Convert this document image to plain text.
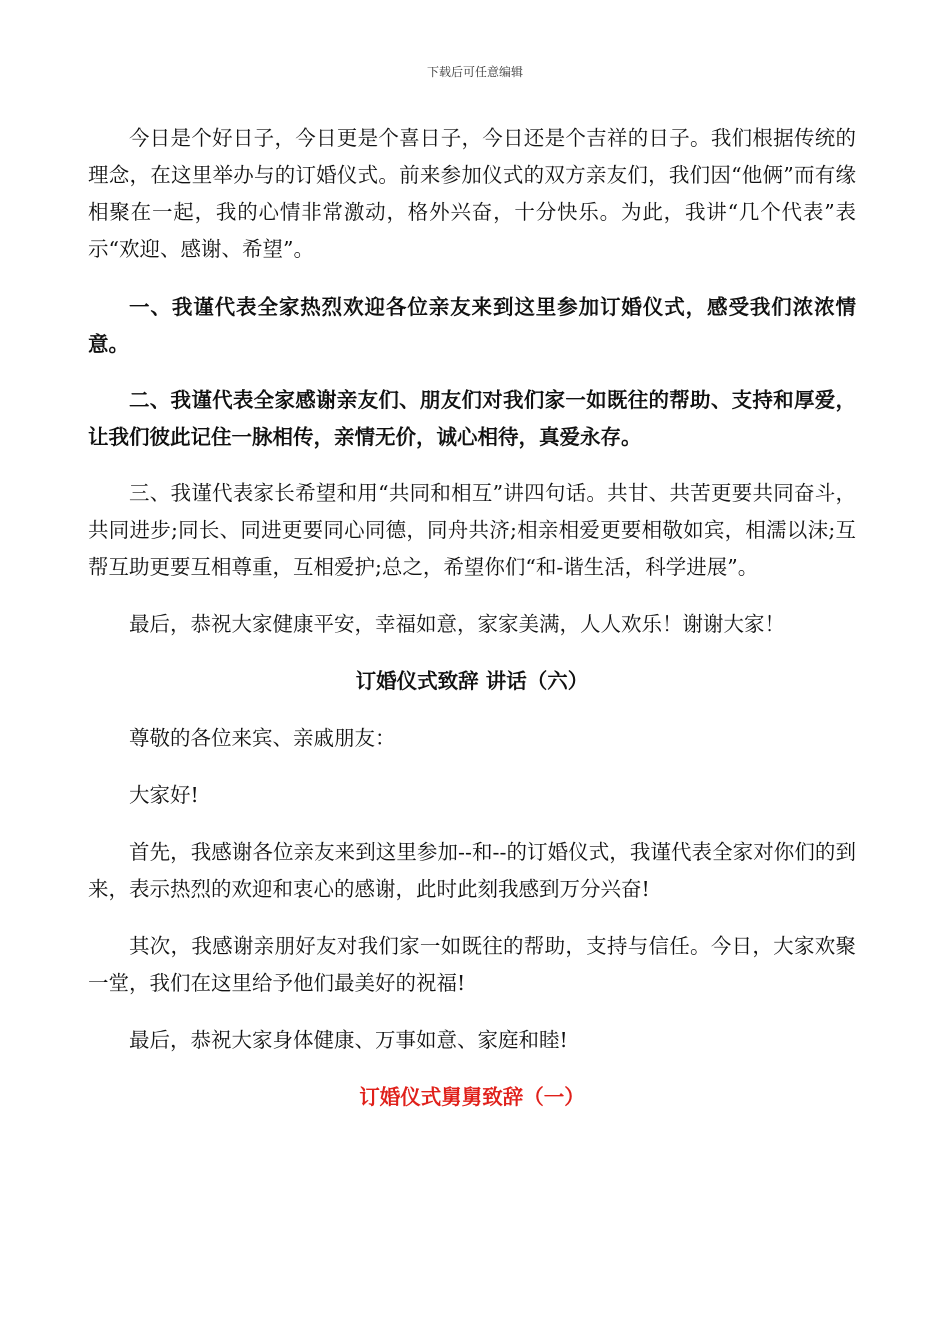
下载后可任意编辑

今日是个好日子，今日更是个喜日子，今日还是个吉祥的日子。我们根据传统的理念，在这里举办与的订婚仪式。前来参加仪式的双方亲友们，我们因“他俩”而有缘相聚在一起，我的心情非常激动，格外兴奋，十分快乐。为此，我讲“几个代表”表示“欢迎、感谢、希望”。

一、我谨代表全家热烈欢迎各位亲友来到这里参加订婚仪式，感受我们浓浓情意。

二、我谨代表全家感谢亲友们、朋友们对我们家一如既往的帮助、支持和厚爱，让我们彼此记住一脉相传，亲情无价，诚心相待，真爱永存。

三、我谨代表家长希望和用“共同和相互”讲四句话。共甘、共苦更要共同奋斗，共同进步;同长、同进更要同心同德，同舟共济;相亲相爱更要相敬如宾，相濡以沫;互帮互助更要互相尊重，互相爱护;总之，希望你们“和-谐生活，科学进展”。

最后，恭祝大家健康平安，幸福如意，家家美满，人人欢乐！谢谢大家！

订婚仪式致辞 讲话（六）

尊敬的各位来宾、亲戚朋友：

大家好!

首先，我感谢各位亲友来到这里参加--和--的订婚仪式，我谨代表全家对你们的到来，表示热烈的欢迎和衷心的感谢，此时此刻我感到万分兴奋!

其次，我感谢亲朋好友对我们家一如既往的帮助，支持与信任。今日，大家欢聚一堂，我们在这里给予他们最美好的祝福!

最后，恭祝大家身体健康、万事如意、家庭和睦!

订婚仪式舅舅致辞（一）
